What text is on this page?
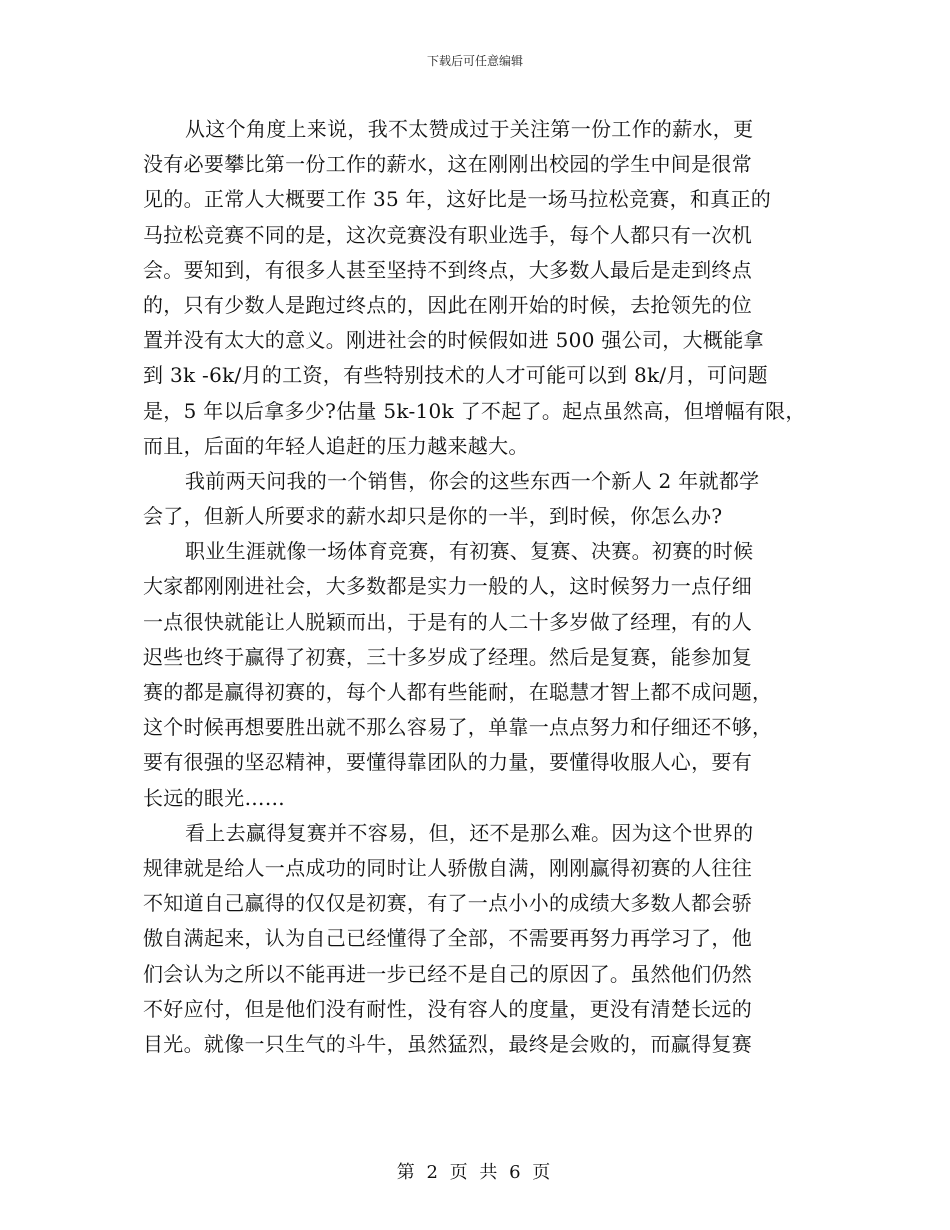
下载后可任意编辑
从这个角度上来说，我不太赞成过于关注第一份工作的薪水，更
没有必要攀比第一份工作的薪水，这在刚刚出校园的学生中间是很常
见的。正常人大概要工作 35 年，这好比是一场马拉松竞赛，和真正的
马拉松竞赛不同的是，这次竞赛没有职业选手，每个人都只有一次机
会。要知到，有很多人甚至坚持不到终点，大多数人最后是走到终点
的，只有少数人是跑过终点的，因此在刚开始的时候，去抢领先的位
置并没有太大的意义。刚进社会的时候假如进 500 强公司，大概能拿
到 3k -6k/月的工资，有些特别技术的人才可能可以到 8k/月，可问题
是，5 年以后拿多少?估量 5k-10k 了不起了。起点虽然高，但增幅有限，
而且，后面的年轻人追赶的压力越来越大。
我前两天问我的一个销售，你会的这些东西一个新人 2 年就都学
会了，但新人所要求的薪水却只是你的一半，到时候，你怎么办?
职业生涯就像一场体育竞赛，有初赛、复赛、决赛。初赛的时候
大家都刚刚进社会，大多数都是实力一般的人，这时候努力一点仔细
一点很快就能让人脱颖而出，于是有的人二十多岁做了经理，有的人
迟些也终于赢得了初赛，三十多岁成了经理。然后是复赛，能参加复
赛的都是赢得初赛的，每个人都有些能耐，在聪慧才智上都不成问题，
这个时候再想要胜出就不那么容易了，单靠一点点努力和仔细还不够，
要有很强的坚忍精神，要懂得靠团队的力量，要懂得收服人心，要有
长远的眼光……
看上去赢得复赛并不容易，但，还不是那么难。因为这个世界的
规律就是给人一点成功的同时让人骄傲自满，刚刚赢得初赛的人往往
不知道自己赢得的仅仅是初赛，有了一点小小的成绩大多数人都会骄
傲自满起来，认为自己已经懂得了全部，不需要再努力再学习了，他
们会认为之所以不能再进一步已经不是自己的原因了。虽然他们仍然
不好应付，但是他们没有耐性，没有容人的度量，更没有清楚长远的
目光。就像一只生气的斗牛，虽然猛烈，最终是会败的，而赢得复赛
第 2 页 共 6 页
